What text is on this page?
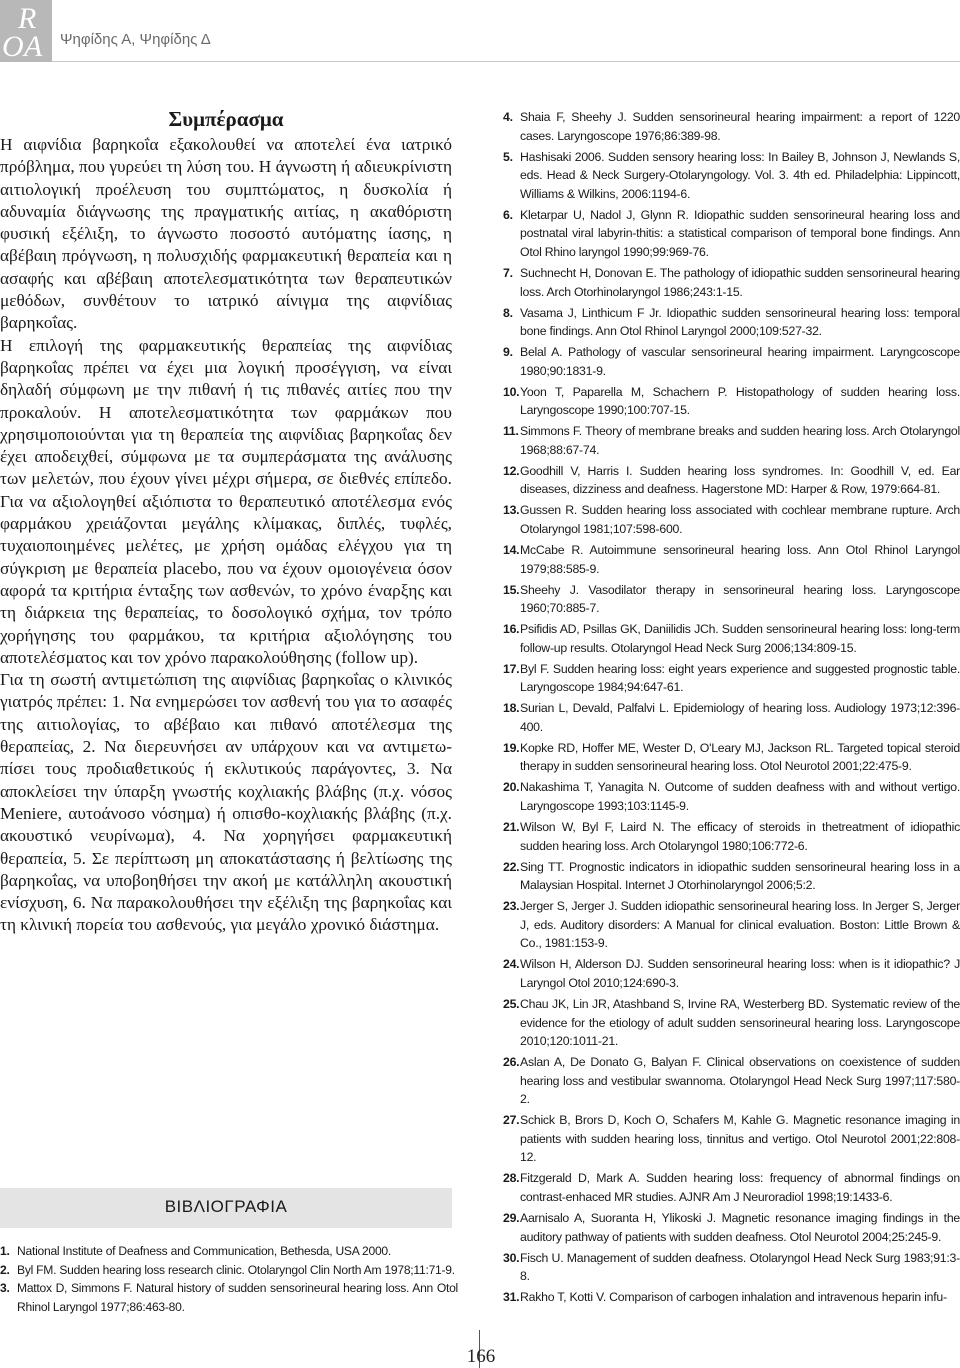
R
O A Ψηφίδης Α, Ψηφίδης Δ
Συμπέρασμα

Η αιφνίδια βαρηκοΐα εξακολουθεί να αποτελεί ένα ιατρικό πρόβλημα, που γυρεύει τη λύση του. Η άγνωστη ή αδιευκρίνιστη αιτιολογική προέλευση του συμπτώματος, η δυσκολία ή αδυναμία διάγνωσης της πραγματικής αιτίας, η ακαθόριστη φυσική εξέλιξη, το άγνωστο ποσοστό αυτόματης ίασης, η αβέβαιη πρόγνωση, η πολυσχιδής φαρμακευτική θεραπεία και η ασαφής και αβέβαιη αποτελεσματικότητα των θεραπευτικών μεθόδων, συνθέτουν το ιατρικό αίνιγμα της αιφνίδιας βαρηκοΐας.

Η επιλογή της φαρμακευτικής θεραπείας της αιφνίδιας βαρηκοΐας πρέπει να έχει μια λογική προσέγγιση, να είναι δηλαδή σύμφωνη με την πιθανή ή τις πιθανές αιτίες που την προκαλούν. Η αποτελεσματικότητα των φαρμάκων που χρησιμοποιούνται για τη θεραπεία της αιφνίδιας βαρηκοΐας δεν έχει αποδειχθεί, σύμφωνα με τα συμπεράσματα της ανάλυσης των μελετών, που έχουν γίνει μέχρι σήμερα, σε διεθνές επίπεδο. Για να αξιολογηθεί αξιόπιστα το θεραπευτικό αποτέλεσμα ενός φαρμάκου χρειάζονται μεγάλης κλίμακας, διπλές, τυφλές, τυχαιοποιημένες μελέτες, με χρήση ομάδας ελέγχου για τη σύγκριση με θεραπεία placebo, που να έχουν ομοιογένεια όσον αφορά τα κριτήρια ένταξης των ασθενών, το χρόνο έναρξης και τη διάρκεια της θεραπείας, το δοσολογικό σχήμα, τον τρόπο χορήγησης του φαρμάκου, τα κριτήρια αξιολόγησης του αποτελέσματος και τον χρόνο παρακολούθησης (follow up).

Για τη σωστή αντιμετώπιση της αιφνίδιας βαρηκοΐας ο κλινικός γιατρός πρέπει: 1. Να ενημερώσει τον ασθενή του για το ασαφές της αιτιολογίας, το αβέβαιο και πιθανό αποτέλεσμα της θεραπείας, 2. Να διερευνήσει αν υπάρχουν και να αντιμετω-πίσει τους προδιαθετικούς ή εκλυτικούς παράγοντες, 3. Να αποκλείσει την ύπαρξη γνωστής κοχλιακής βλάβης (π.χ. νόσος Meniere, αυτοάνοσο νόσημα) ή οπισθο-κοχλιακής βλάβης (π.χ. ακουστικό νευρίνωμα), 4. Να χορηγήσει φαρμακευτική θεραπεία, 5. Σε περίπτωση μη αποκατάστασης ή βελτίωσης της βαρηκοΐας, να υποβοηθήσει την ακοή με κατάλληλη ακουστική ενίσχυση, 6. Να παρακολουθήσει την εξέλιξη της βαρηκοΐας και τη κλινική πορεία του ασθενούς, για μεγάλο χρονικό διάστημα.

ΒΙΒΛΙΟΓΡΑΦΙΑ
1. National Institute of Deafness and Communication, Bethesda, USA 2000.
2. Byl FM. Sudden hearing loss research clinic. Otolaryngol Clin North Am 1978;11:71-9.
3. Mattox D, Simmons F. Natural history of sudden sensorineural hearing loss. Ann Otol Rhinol Laryngol 1977;86:463-80.
4. Shaia F, Sheehy J. Sudden sensorineural hearing impairment: a report of 1220 cases. Laryngoscope 1976;86:389-98.
5. Hashisaki 2006. Sudden sensory hearing loss: In Bailey B, Johnson J, Newlands S, eds. Head & Neck Surgery-Otolaryngology. Vol. 3. 4th ed. Philadelphia: Lippincott, Williams & Wilkins, 2006:1194-6.
6. Kletarpar U, Nadol J, Glynn R. Idiopathic sudden sensorineural hearing loss and postnatal viral labyrin-thitis: a statistical comparison of temporal bone findings. Ann Otol Rhino laryngol 1990;99:969-76.
7. Suchnecht H, Donovan E. The pathology of idiopathic sudden sensorineural hearing loss. Arch Otorhinolaryngol 1986;243:1-15.
8. Vasama J, Linthicum F Jr. Idiopathic sudden sensorineural hearing loss: temporal bone findings. Ann Otol Rhinol Laryngol 2000;109:527-32.
9. Belal A. Pathology of vascular sensorineural hearing impairment. Laryngcoscope 1980;90:1831-9.
10.Yoon T, Paparella M, Schachern P. Histopathology of sudden hearing loss. Laryngoscope 1990;100:707-15.
11.Simmons F. Theory of membrane breaks and sudden hearing loss. Arch Otolaryngol 1968;88:67-74.
12.Goodhill V, Harris I. Sudden hearing loss syndromes. In: Goodhill V, ed. Ear diseases, dizziness and deafness. Hagerstone MD: Harper & Row, 1979:664-81.
13.Gussen R. Sudden hearing loss associated with cochlear membrane rupture. Arch Otolaryngol 1981;107:598-600.
14.McCabe R. Autoimmune sensorineural hearing loss. Ann Otol Rhinol Laryngol 1979;88:585-9.
15.Sheehy J. Vasodilator therapy in sensorineural hearing loss. Laryngoscope 1960;70:885-7.
16.Psifidis AD, Psillas GK, Daniilidis JCh. Sudden sensorineural hearing loss: long-term follow-up results. Otolaryngol Head Neck Surg 2006;134:809-15.
17.Byl F. Sudden hearing loss: eight years experience and suggested prognostic table. Laryngoscope 1984;94:647-61.
18.Surian L, Devald, Palfalvi L. Epidemiology of hearing loss. Audiology 1973;12:396-400.
19.Kopke RD, Hoffer ME, Wester D, O'Leary MJ, Jackson RL. Targeted topical steroid therapy in sudden sensorineural hearing loss. Otol Neurotol 2001;22:475-9.
20.Nakashima T, Yanagita N. Outcome of sudden deafness with and without vertigo. Laryngoscope 1993;103:1145-9.
21.Wilson W, Byl F, Laird N. The efficacy of steroids in thetreatment of idiopathic sudden hearing loss. Arch Otolaryngol 1980;106:772-6.
22.Sing TT. Prognostic indicators in idiopathic sudden sensorineural hearing loss in a Malaysian Hospital. Internet J Otorhinolaryngol 2006;5:2.
23.Jerger S, Jerger J. Sudden idiopathic sensorineural hearing loss. In Jerger S, Jerger J, eds. Auditory disorders: A Manual for clinical evaluation. Boston: Little Brown & Co., 1981:153-9.
24.Wilson H, Alderson DJ. Sudden sensorineural hearing loss: when is it idiopathic? J Laryngol Otol 2010;124:690-3.
25.Chau JK, Lin JR, Atashband S, Irvine RA, Westerberg BD. Systematic review of the evidence for the etiology of adult sudden sensorineural hearing loss. Laryngoscope 2010;120:1011-21.
26.Aslan A, De Donato G, Balyan F. Clinical observations on coexistence of sudden hearing loss and vestibular swannoma. Otolaryngol Head Neck Surg 1997;117:580-2.
27.Schick B, Brors D, Koch O, Schafers M, Kahle G. Magnetic resonance imaging in patients with sudden hearing loss, tinnitus and vertigo. Otol Neurotol 2001;22:808-12.
28.Fitzgerald D, Mark A. Sudden hearing loss: frequency of abnormal findings on contrast-enhaced MR studies. AJNR Am J Neuroradiol 1998;19:1433-6.
29.Aarnisalo A, Suoranta H, Ylikoski J. Magnetic resonance imaging findings in the auditory pathway of patients with sudden deafness. Otol Neurotol 2004;25:245-9.
30.Fisch U. Management of sudden deafness. Otolaryngol Head Neck Surg 1983;91:3-8.
31.Rakho T, Kotti V. Comparison of carbogen inhalation and intravenous heparin infu-
166
